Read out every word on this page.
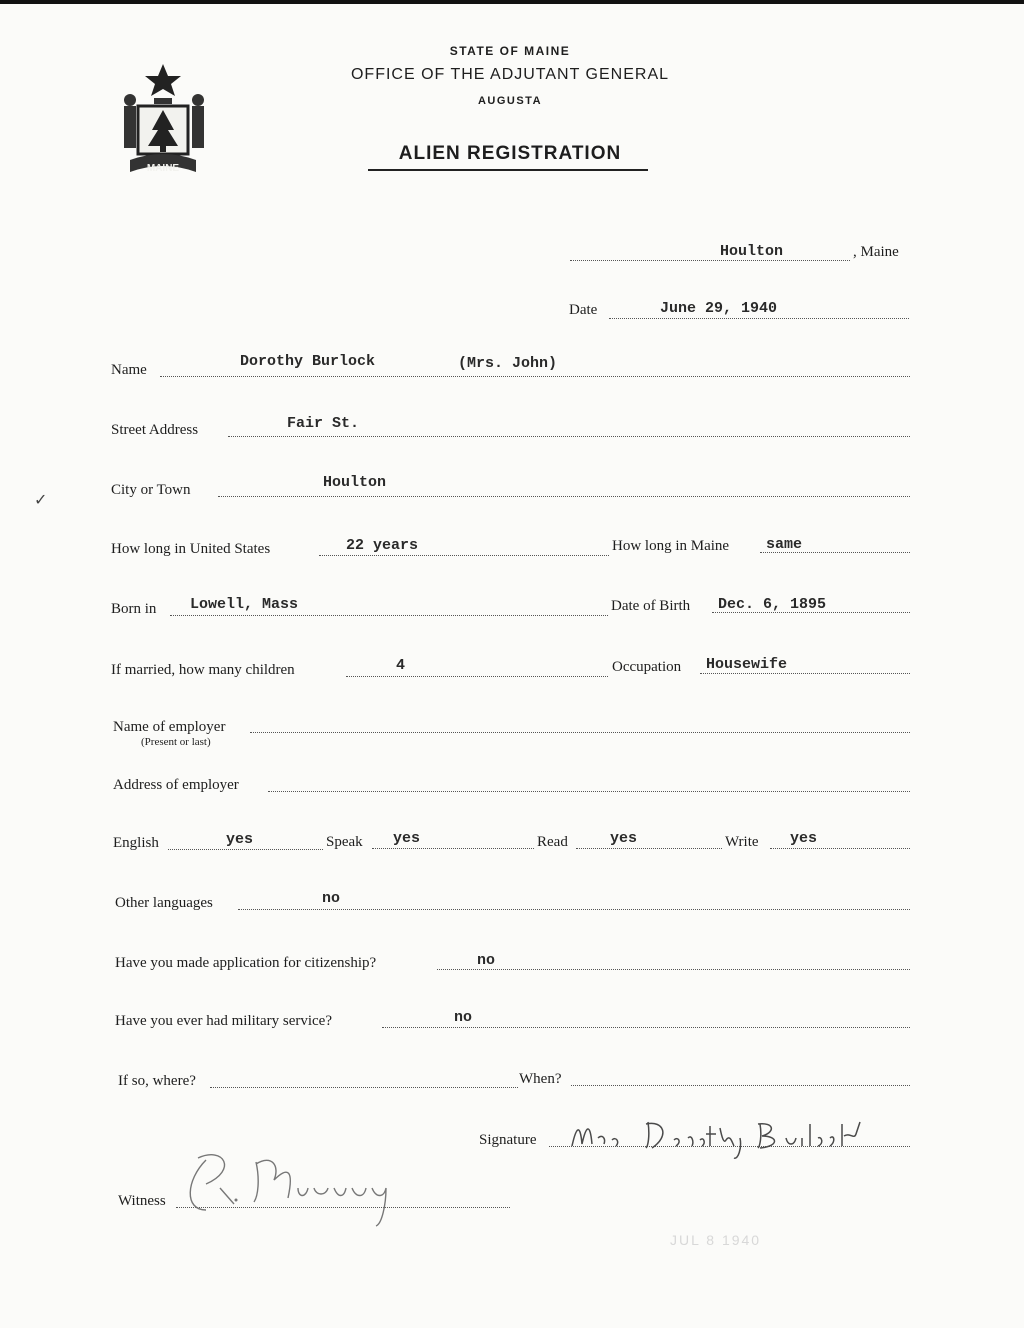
MAINE
STATE OF MAINE
OFFICE OF THE ADJUTANT GENERAL
AUGUSTA
ALIEN REGISTRATION
Houlton	, Maine
Date	June 29, 1940
Name	Dorothy Burlock	(Mrs. John)
Street Address	Fair St.
City or Town	Houlton
✓
How long in United States	22 years	How long in Maine same
Born in Lowell, Mass	Date of Birth Dec. 6, 1895
If married, how many children	4	Occupation Housewife
Name of employer
(Present or last)
Address of employer
English	yes	Speak yes	Read	yes	Write yes
Other languages	no
Have you made application for citizenship?	no
Have you ever had military service?	no
If so, where?	When?
Signature
Witness
JUL 8 1940
